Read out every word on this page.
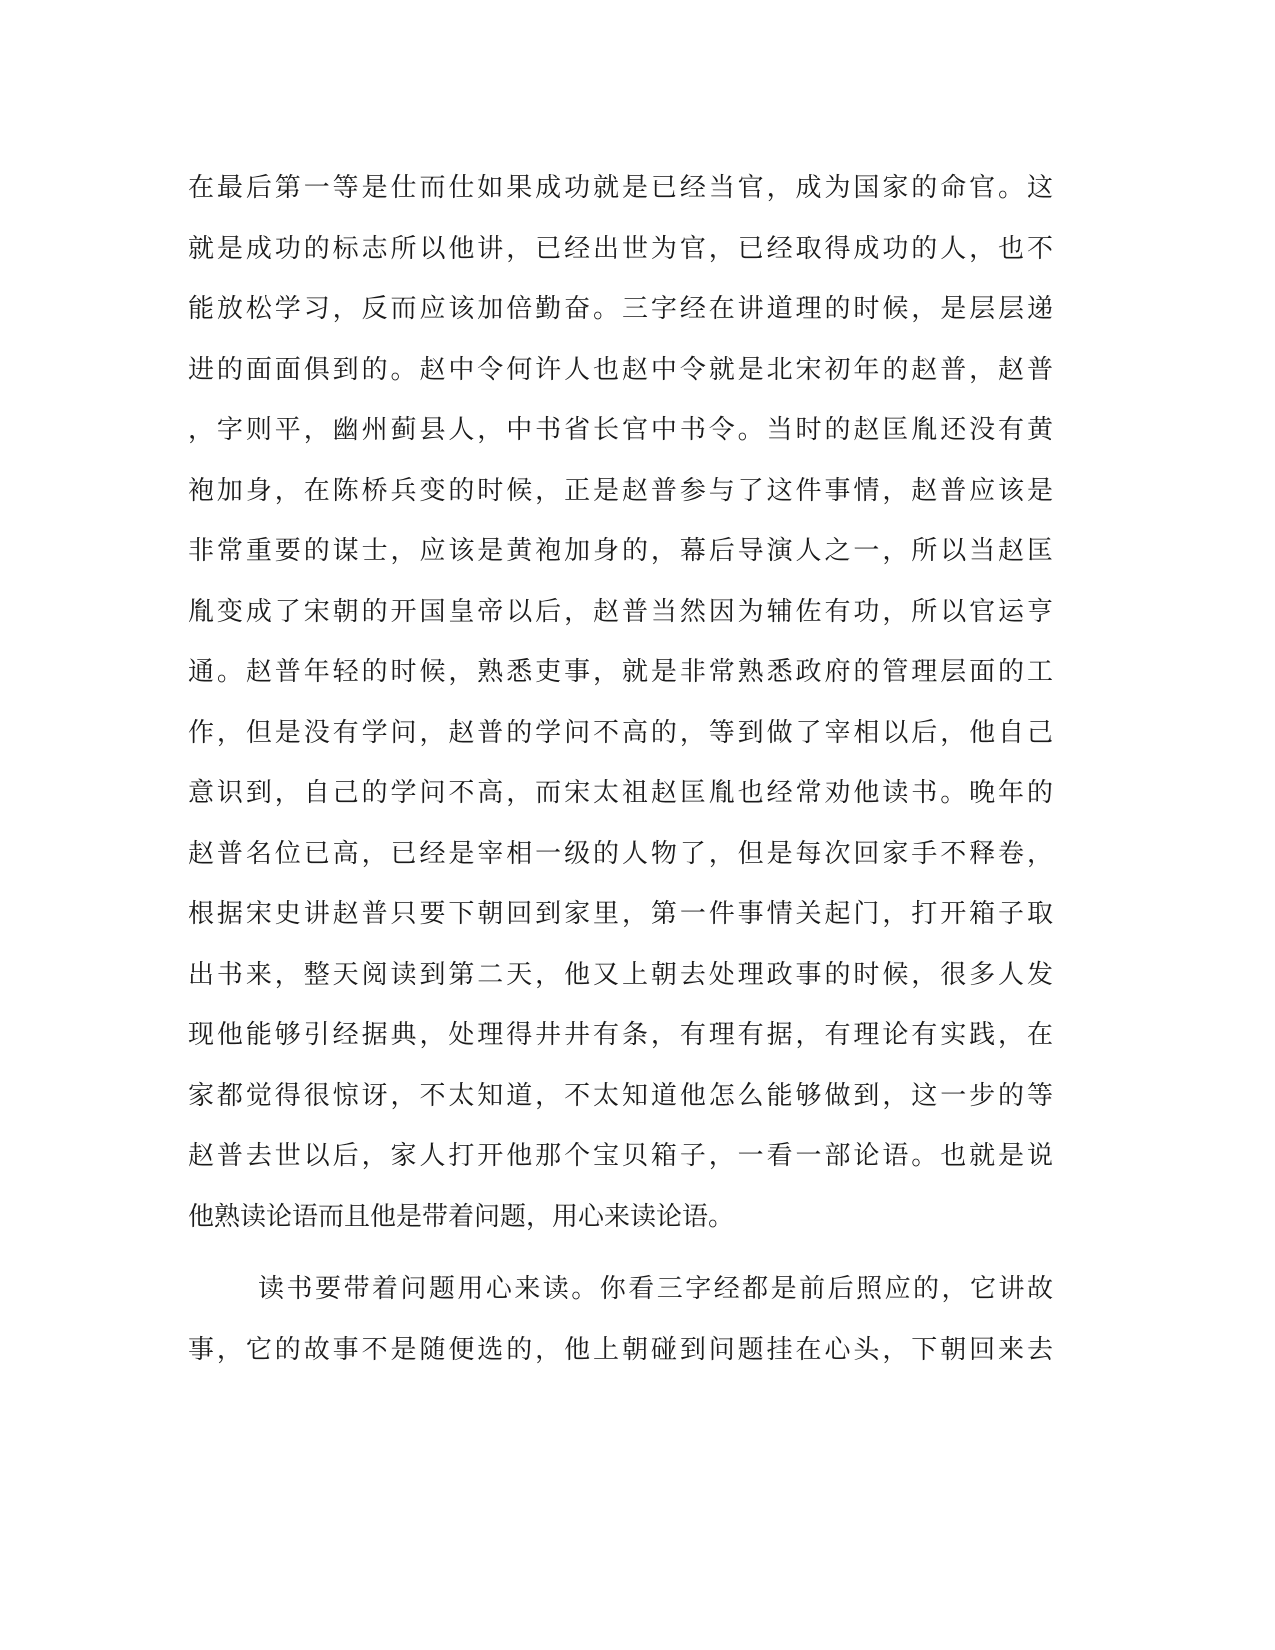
在最后第一等是仕而仕如果成功就是已经当官，成为国家的命官。这
就是成功的标志所以他讲，已经出世为官，已经取得成功的人，也不
能放松学习，反而应该加倍勤奋。三字经在讲道理的时候，是层层递
进的面面俱到的。赵中令何许人也赵中令就是北宋初年的赵普，赵普
，字则平，幽州蓟县人，中书省长官中书令。当时的赵匡胤还没有黄
袍加身，在陈桥兵变的时候，正是赵普参与了这件事情，赵普应该是
非常重要的谋士，应该是黄袍加身的，幕后导演人之一，所以当赵匡
胤变成了宋朝的开国皇帝以后，赵普当然因为辅佐有功，所以官运亨
通。赵普年轻的时候，熟悉吏事，就是非常熟悉政府的管理层面的工
作，但是没有学问，赵普的学问不高的，等到做了宰相以后，他自己
意识到，自己的学问不高，而宋太祖赵匡胤也经常劝他读书。晚年的
赵普名位已高，已经是宰相一级的人物了，但是每次回家手不释卷，
根据宋史讲赵普只要下朝回到家里，第一件事情关起门，打开箱子取
出书来，整天阅读到第二天，他又上朝去处理政事的时候，很多人发
现他能够引经据典，处理得井井有条，有理有据，有理论有实践，在
家都觉得很惊讶，不太知道，不太知道他怎么能够做到，这一步的等
赵普去世以后，家人打开他那个宝贝箱子，一看一部论语。也就是说
他熟读论语而且他是带着问题，用心来读论语。
读书要带着问题用心来读。你看三字经都是前后照应的，它讲故
事，它的故事不是随便选的，他上朝碰到问题挂在心头，下朝回来去
